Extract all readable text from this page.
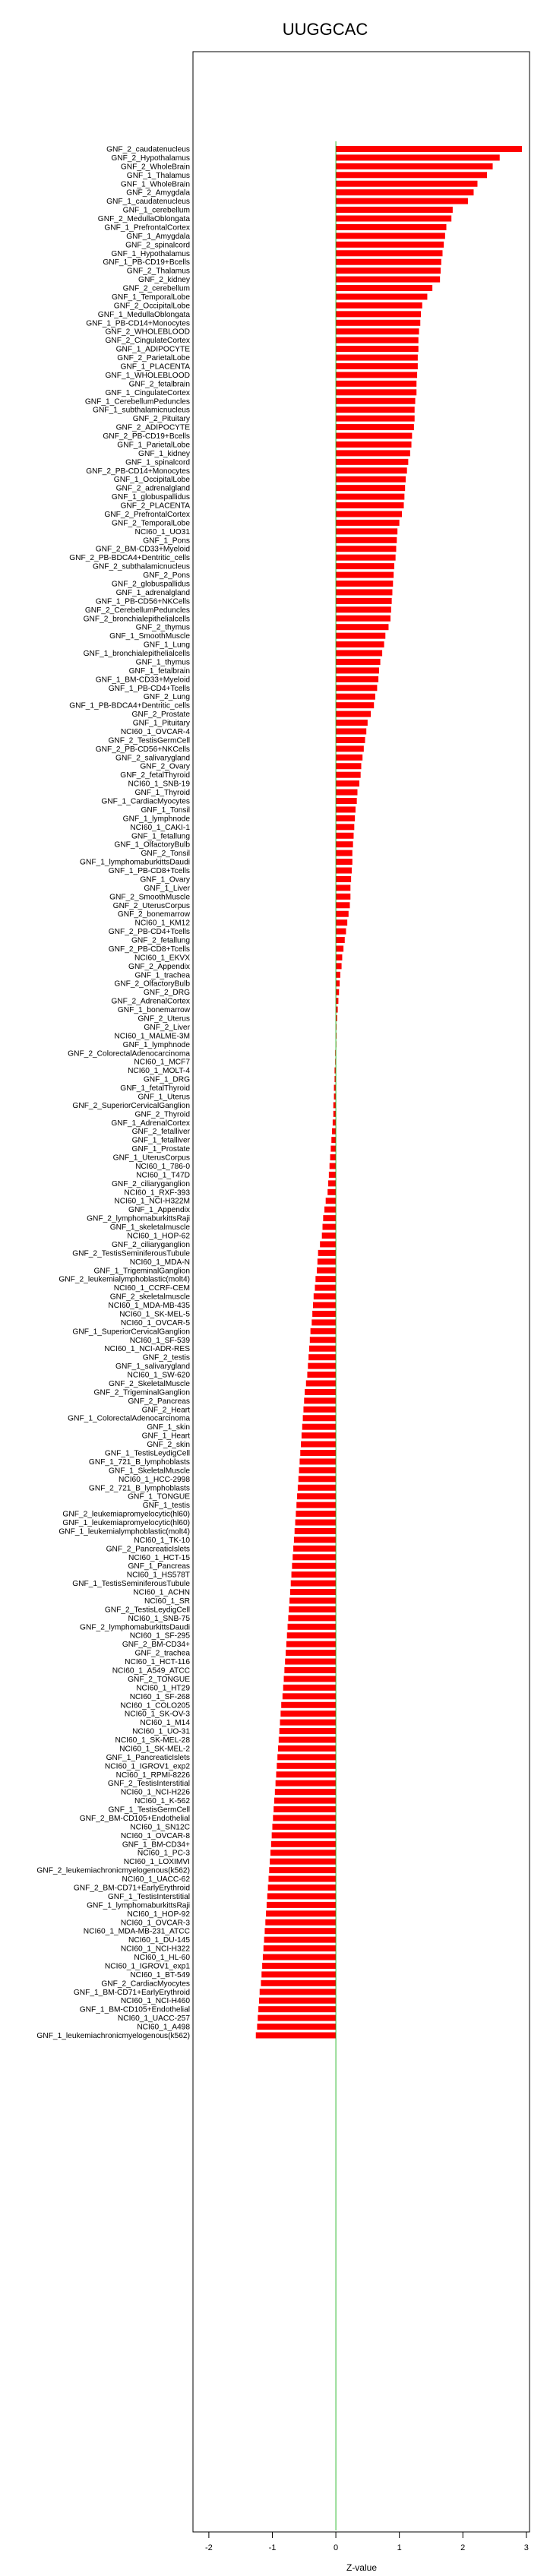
UUGGCAC
GNF_2_caudatenucleus
GNF_2_Hypothalamus
GNF_2_WholeBrain
GNF_1_Thalamus
GNF_1_WholeBrain
GNF_2_Amygdala
GNF_1_caudatenucleus
GNF_1_cerebellum
GNF_2_MedullaOblongata
GNF_1_PrefrontalCortex
GNF_1_Amygdala
GNF_2_spinalcord
GNF_1_Hypothalamus
GNF_1_PB-CD19+Bcells
GNF_2_Thalamus
GNF_2_kidney
GNF_2_cerebellum
GNF_1_TemporalLobe
GNF_2_OccipitalLobe
GNF_1_MedullaOblongata
GNF_1_PB-CD14+Monocytes
GNF_2_WHOLEBLOOD
GNF_2_CingulateCortex
GNF_1_ADIPOCYTE
GNF_2_ParietalLobe
GNF_1_PLACENTA
GNF_1_WHOLEBLOOD
GNF_2_fetalbrain
GNF_1_CingulateCortex
GNF_1_CerebellumPeduncles
GNF_1_subthalamicnucleus
GNF_2_Pituitary
GNF_2_ADIPOCYTE
GNF_2_PB-CD19+Bcells
GNF_1_ParietalLobe
GNF_1_kidney
GNF_1_spinalcord
GNF_2_PB-CD14+Monocytes
GNF_1_OccipitalLobe
GNF_2_adrenalgland
GNF_1_globuspallidus
GNF_2_PLACENTA
GNF_2_PrefrontalCortex
GNF_2_TemporalLobe
NCI60_1_UO31
GNF_1_Pons
GNF_2_BM-CD33+Myeloid
GNF_2_PB-BDCA4+Dentritic_cells
GNF_2_subthalamicnucleus
GNF_2_Pons
GNF_2_globuspallidus
GNF_1_adrenalgland
GNF_1_PB-CD56+NKCells
GNF_2_CerebellumPeduncles
GNF_2_bronchialepithelialcells
GNF_2_thymus
GNF_1_SmoothMuscle
GNF_1_Lung
GNF_1_bronchialepithelialcells
GNF_1_thymus
GNF_1_fetalbrain
GNF_1_BM-CD33+Myeloid
GNF_1_PB-CD4+Tcells
GNF_2_Lung
GNF_1_PB-BDCA4+Dentritic_cells
GNF_2_Prostate
GNF_1_Pituitary
NCI60_1_OVCAR-4
GNF_2_TestisGermCell
GNF_2_PB-CD56+NKCells
GNF_2_salivarygland
GNF_2_Ovary
GNF_2_fetalThyroid
NCI60_1_SNB-19
GNF_1_Thyroid
GNF_1_CardiacMyocytes
GNF_1_Tonsil
GNF_1_lymphnode
NCI60_1_CAKI-1
GNF_1_fetallung
GNF_1_OlfactoryBulb
GNF_2_Tonsil
GNF_1_lymphomaburkittsDaudi
GNF_1_PB-CD8+Tcells
GNF_1_Ovary
GNF_1_Liver
GNF_2_SmoothMuscle
GNF_2_UterusCorpus
GNF_2_bonemarrow
NCI60_1_KM12
GNF_2_PB-CD4+Tcells
GNF_2_fetallung
GNF_2_PB-CD8+Tcells
NCI60_1_EKVX
GNF_2_Appendix
GNF_1_trachea
GNF_2_OlfactoryBulb
GNF_2_DRG
GNF_2_AdrenalCortex
GNF_1_bonemarrow
GNF_2_Uterus
GNF_2_Liver
NCI60_1_MALME-3M
GNF_1_lymphnode
GNF_2_ColorectalAdenocarcinoma
NCI60_1_MCF7
NCI60_1_MOLT-4
GNF_1_DRG
GNF_1_fetalThyroid
GNF_1_Uterus
GNF_2_SuperiorCervicalGanglion
GNF_2_Thyroid
GNF_1_AdrenalCortex
GNF_2_fetalliver
GNF_1_fetalliver
GNF_1_Prostate
GNF_1_UterusCorpus
NCI60_1_786-0
NCI60_1_T47D
GNF_2_ciliaryganglion
NCI60_1_RXF-393
NCI60_1_NCI-H322M
GNF_1_Appendix
GNF_2_lymphomaburkittsRaji
GNF_1_skeletalmuscle
NCI60_1_HOP-62
GNF_2_ciliaryganglion
GNF_2_TestisSeminiferousTubule
NCI60_1_MDA-N
GNF_1_TrigeminalGanglion
GNF_2_leukemialymphoblastic(molt4)
NCI60_1_CCRF-CEM
GNF_2_skeletalmuscle
NCI60_1_MDA-MB-435
NCI60_1_SK-MEL-5
NCI60_1_OVCAR-5
GNF_1_SuperiorCervicalGanglion
NCI60_1_SF-539
NCI60_1_NCI-ADR-RES
GNF_2_testis
GNF_1_salivarygland
NCI60_1_SW-620
GNF_2_SkeletalMuscle
GNF_2_TrigeminalGanglion
GNF_2_Pancreas
GNF_2_Heart
GNF_1_ColorectalAdenocarcinoma
GNF_1_skin
GNF_1_Heart
GNF_2_skin
GNF_1_TestisLeydigCell
GNF_1_721_B_lymphoblasts
GNF_1_SkeletalMuscle
NCI60_1_HCC-2998
GNF_2_721_B_lymphoblasts
GNF_1_TONGUE
GNF_1_testis
GNF_2_leukemiapromyelocytic(hl60)
GNF_1_leukemiapromyelocytic(hl60)
GNF_1_leukemialymphoblastic(molt4)
NCI60_1_TK-10
GNF_2_PancreaticIslets
NCI60_1_HCT-15
GNF_1_Pancreas
NCI60_1_HS578T
GNF_1_TestisSeminiferousTubule
NCI60_1_ACHN
NCI60_1_SR
GNF_2_TestisLeydigCell
NCI60_1_SNB-75
GNF_2_lymphomaburkittsDaudi
NCI60_1_SF-295
GNF_2_BM-CD34+
GNF_2_trachea
NCI60_1_HCT-116
NCI60_1_A549_ATCC
GNF_2_TONGUE
NCI60_1_HT29
NCI60_1_SF-268
NCI60_1_COLO205
NCI60_1_SK-OV-3
NCI60_1_M14
NCI60_1_UO-31
NCI60_1_SK-MEL-28
NCI60_1_SK-MEL-2
GNF_1_PancreaticIslets
NCI60_1_IGROV1_exp2
NCI60_1_RPMI-8226
GNF_2_TestisInterstitial
NCI60_1_NCI-H226
NCI60_1_K-562
GNF_1_TestisGermCell
GNF_2_BM-CD105+Endothelial
NCI60_1_SN12C
NCI60_1_OVCAR-8
GNF_1_BM-CD34+
NCI60_1_PC-3
NCI60_1_LOXIMVI
GNF_2_leukemiachronicmyelogenous(k562)
NCI60_1_UACC-62
GNF_2_BM-CD71+EarlyErythroid
GNF_1_TestisInterstitial
GNF_1_lymphomaburkittsRaji
NCI60_1_HOP-92
NCI60_1_OVCAR-3
NCI60_1_MDA-MB-231_ATCC
NCI60_1_DU-145
NCI60_1_NCI-H322
NCI60_1_HL-60
NCI60_1_IGROV1_exp1
NCI60_1_BT-549
GNF_2_CardiacMyocytes
GNF_1_BM-CD71+EarlyErythroid
NCI60_1_NCI-H460
GNF_1_BM-CD105+Endothelial
NCI60_1_UACC-257
NCI60_1_A498
GNF_1_leukemiachronicmyelogenous(k562)
-2	-1	0	1	2	3
Z-value
